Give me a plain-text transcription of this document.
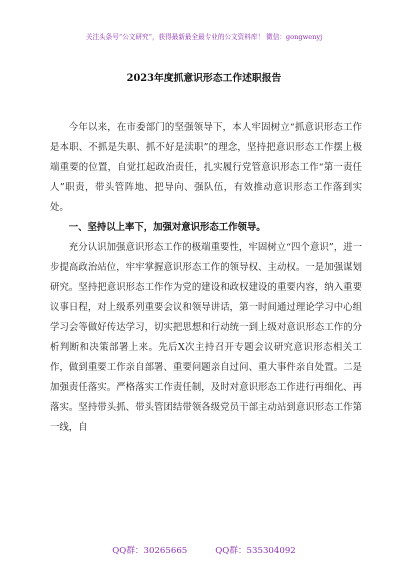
关注头条号“公文研究”，获得最新最全最专业的公文资料库！ 微信：gongwenyj
2023年度抓意识形态工作述职报告

今年以来，在市委部门的坚强领导下，本人牢固树立“抓意识形态工作是本职、不抓是失职、抓不好是渎职”的理念，坚持把意识形态工作摆上极端重要的位置，自觉扛起政治责任，扎实履行党管意识形态工作“第一责任人”职责，带头管阵地、把导向、强队伍，有效推动意识形态工作落到实处。

一、坚持以上率下，加强对意识形态工作领导。

充分认识加强意识形态工作的极端重要性，牢固树立“四个意识”，进一步提高政治站位，牢牢掌握意识形态工作的领导权、主动权。一是加强谋划研究。坚持把意识形态工作作为党的建设和政权建设的重要内容，纳入重要议事日程，对上级系列重要会议和领导讲话，第一时间通过理论学习中心组学习会等做好传达学习，切实把思想和行动统一到上级对意识形态工作的分析判断和决策部署上来。先后X次主持召开专题会议研究意识形态相关工作，做到重要工作亲自部署、重要问题亲自过问、重大事件亲自处置。二是加强责任落实。严格落实工作责任制，及时对意识形态工作进行再细化、再落实。坚持带头抓、带头管团结带领各级党员干部主动站到意识形态工作第一线，自

QQ群：30265665	QQ群：535304092
